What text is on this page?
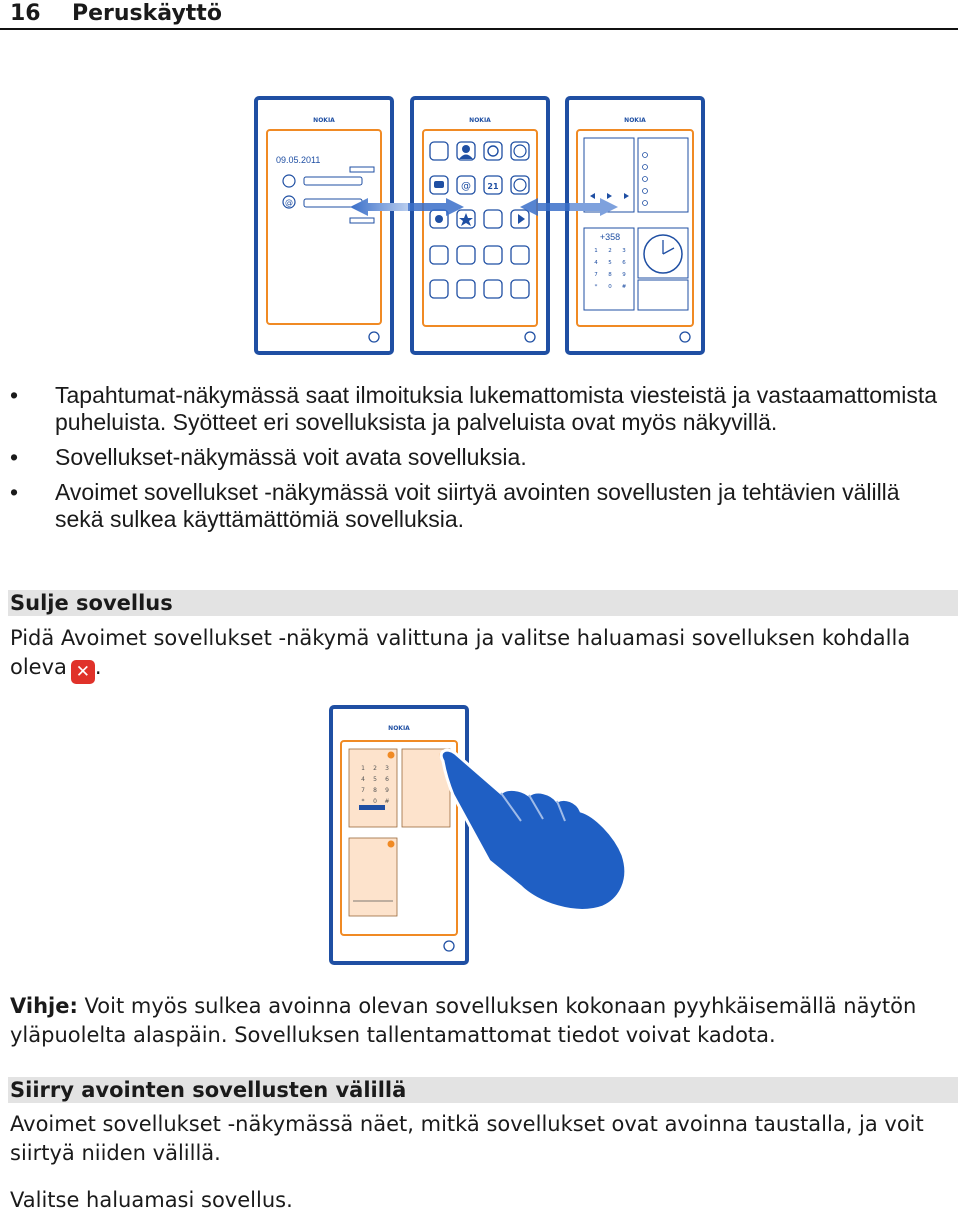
16 Peruskäyttö
NOKIA
09.05.2011
@
NOKIA
21
@
NOKIA
+358
1 2 3
4 5 6
7 8 9
* 0 #
• Tapahtumat-näkymässä saat ilmoituksia lukemattomista viesteistä ja vastaamattomista puheluista. Syötteet eri sovelluksista ja palveluista ovat myös näkyvillä.
• Sovellukset-näkymässä voit avata sovelluksia.
• Avoimet sovellukset -näkymässä voit siirtyä avointen sovellusten ja tehtävien välillä sekä sulkea käyttämättömiä sovelluksia.
Sulje sovellus
Pidä Avoimet sovellukset -näkymä valittuna ja valitse haluamasi sovelluksen kohdalla oleva ✕ .
NOKIA
1 2 3
4 5 6
7 8 9
* 0 #
Vihje: Voit myös sulkea avoinna olevan sovelluksen kokonaan pyyhkäisemällä näytön yläpuolelta alaspäin. Sovelluksen tallentamattomat tiedot voivat kadota.
Siirry avointen sovellusten välillä
Avoimet sovellukset -näkymässä näet, mitkä sovellukset ovat avoinna taustalla, ja voit siirtyä niiden välillä.
Valitse haluamasi sovellus.
